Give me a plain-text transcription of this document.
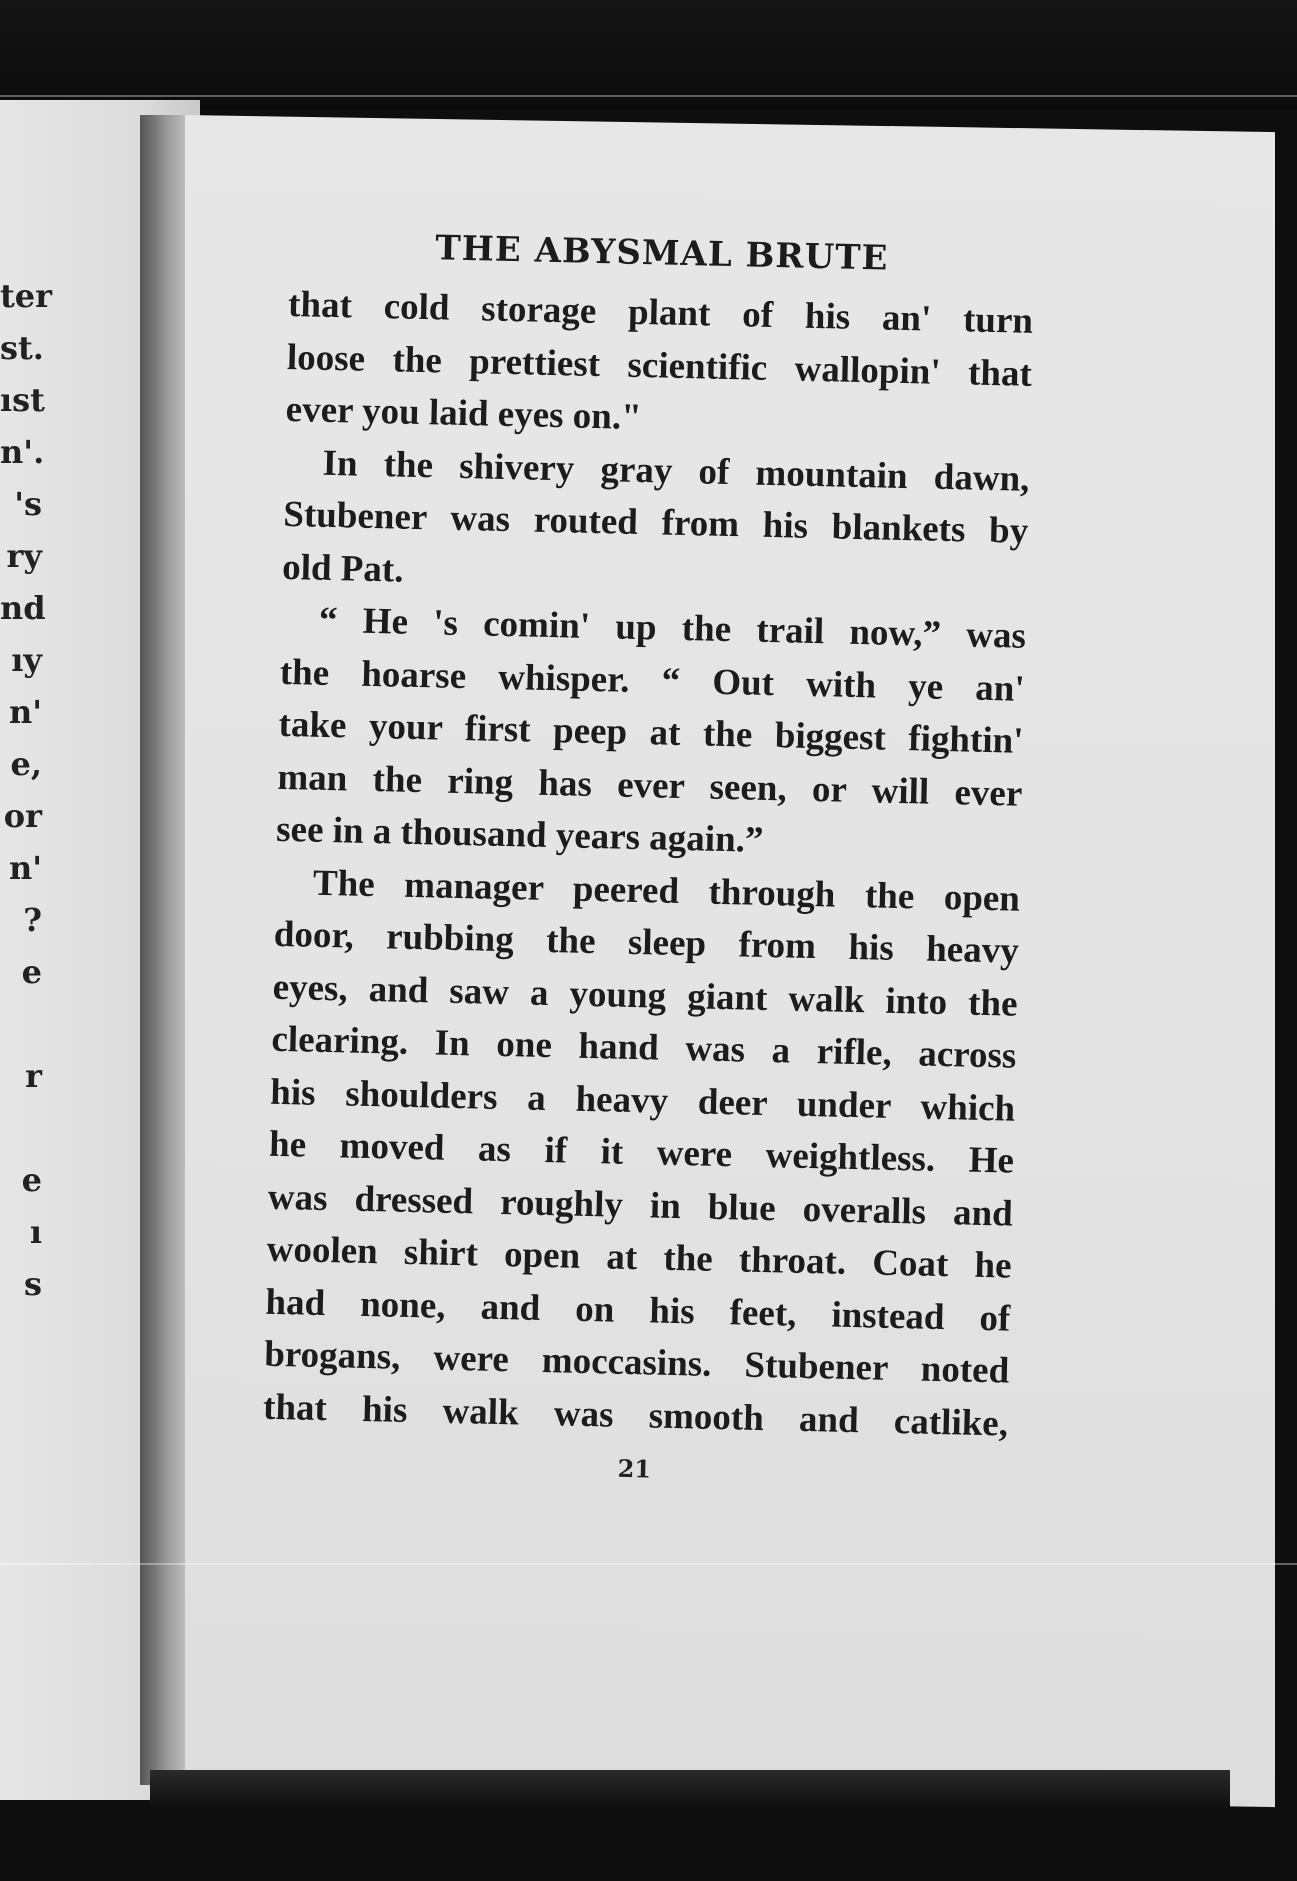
ter
st.
ıst
n'.
's
ry
nd
ıy
n'
e,
or
n'
?
e
r
e
ı
s
THE ABYSMAL BRUTE
that cold storage plant of his an' turn
loose the prettiest scientific wallopin' that
ever you laid eyes on."
In the shivery gray of mountain dawn,
Stubener was routed from his blankets by
old Pat.
“ He 's comin' up the trail now,” was
the hoarse whisper. “ Out with ye an'
take your first peep at the biggest fightin'
man the ring has ever seen, or will ever
see in a thousand years again.”
The manager peered through the open
door, rubbing the sleep from his heavy
eyes, and saw a young giant walk into the
clearing. In one hand was a rifle, across
his shoulders a heavy deer under which
he moved as if it were weightless. He
was dressed roughly in blue overalls and
woolen shirt open at the throat. Coat he
had none, and on his feet, instead of
brogans, were moccasins. Stubener noted
that his walk was smooth and catlike,
21
